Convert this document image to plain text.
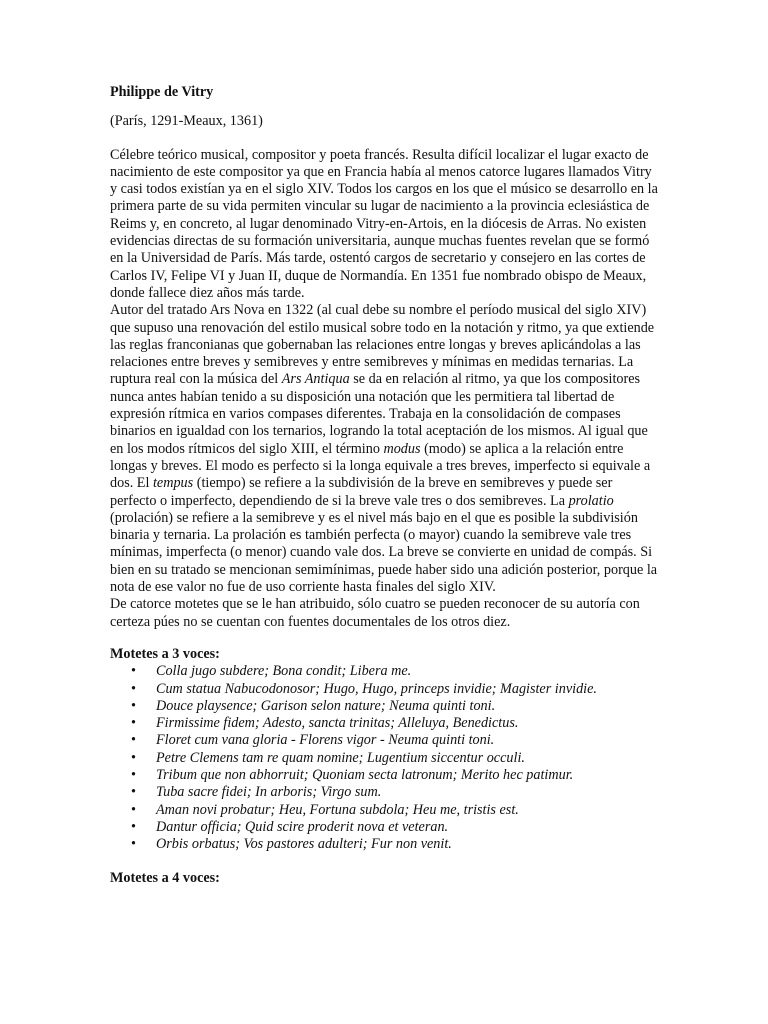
Philippe de Vitry
(París, 1291-Meaux, 1361)

Célebre teórico musical, compositor y poeta francés. Resulta difícil localizar el lugar exacto de nacimiento de este compositor ya que en Francia había al menos catorce lugares llamados Vitry y casi todos existían ya en el siglo XIV. Todos los cargos en los que el músico se desarrollo en la primera parte de su vida permiten vincular su lugar de nacimiento a la provincia eclesiástica de Reims y, en concreto, al lugar denominado Vitry-en-Artois, en la diócesis de Arras. No existen evidencias directas de su formación universitaria, aunque muchas fuentes revelan que se formó en la Universidad de París. Más tarde, ostentó cargos de secretario y consejero en las cortes de Carlos IV, Felipe VI y Juan II, duque de Normandía. En 1351 fue nombrado obispo de Meaux, donde fallece diez años más tarde.

Autor del tratado Ars Nova en 1322 (al cual debe su nombre el período musical del siglo XIV) que supuso una renovación del estilo musical sobre todo en la notación y ritmo, ya que extiende las reglas franconianas que gobernaban las relaciones entre longas y breves aplicándolas a las relaciones entre breves y semibreves y entre semibreves y mínimas en medidas ternarias. La ruptura real con la música del Ars Antiqua se da en relación al ritmo, ya que los compositores nunca antes habían tenido a su disposición una notación que les permitiera tal libertad de expresión rítmica en varios compases diferentes. Trabaja en la consolidación de compases binarios en igualdad con los ternarios, logrando la total aceptación de los mismos. Al igual que en los modos rítmicos del siglo XIII, el término modus (modo) se aplica a la relación entre longas y breves. El modo es perfecto si la longa equivale a tres breves, imperfecto si equivale a dos. El tempus (tiempo) se refiere a la subdivisión de la breve en semibreves y puede ser perfecto o imperfecto, dependiendo de si la breve vale tres o dos semibreves. La prolatio (prolación) se refiere a la semibreve y es el nivel más bajo en el que es posible la subdivisión binaria y ternaria. La prolación es también perfecta (o mayor) cuando la semibreve vale tres mínimas, imperfecta (o menor) cuando vale dos. La breve se convierte en unidad de compás. Si bien en su tratado se mencionan semimínimas, puede haber sido una adición posterior, porque la nota de ese valor no fue de uso corriente hasta finales del siglo XIV.

De catorce motetes que se le han atribuido, sólo cuatro se pueden reconocer de su autoría con certeza púes no se cuentan con fuentes documentales de los otros diez.

Motetes a 3 voces:
• Colla jugo subdere; Bona condit; Libera me.
• Cum statua Nabucodonosor; Hugo, Hugo, princeps invidie; Magister invidie.
• Douce playsence; Garison selon nature; Neuma quinti toni.
• Firmissime fidem; Adesto, sancta trinitas; Alleluya, Benedictus.
• Floret cum vana gloria - Florens vigor - Neuma quinti toni.
• Petre Clemens tam re quam nomine; Lugentium siccentur occuli.
• Tribum que non abhorruit; Quoniam secta latronum; Merito hec patimur.
• Tuba sacre fidei; In arboris; Virgo sum.
• Aman novi probatur; Heu, Fortuna subdola; Heu me, tristis est.
• Dantur officia; Quid scire proderit nova et veteran.
• Orbis orbatus; Vos pastores adulteri; Fur non venit.
Motetes a 4 voces:
